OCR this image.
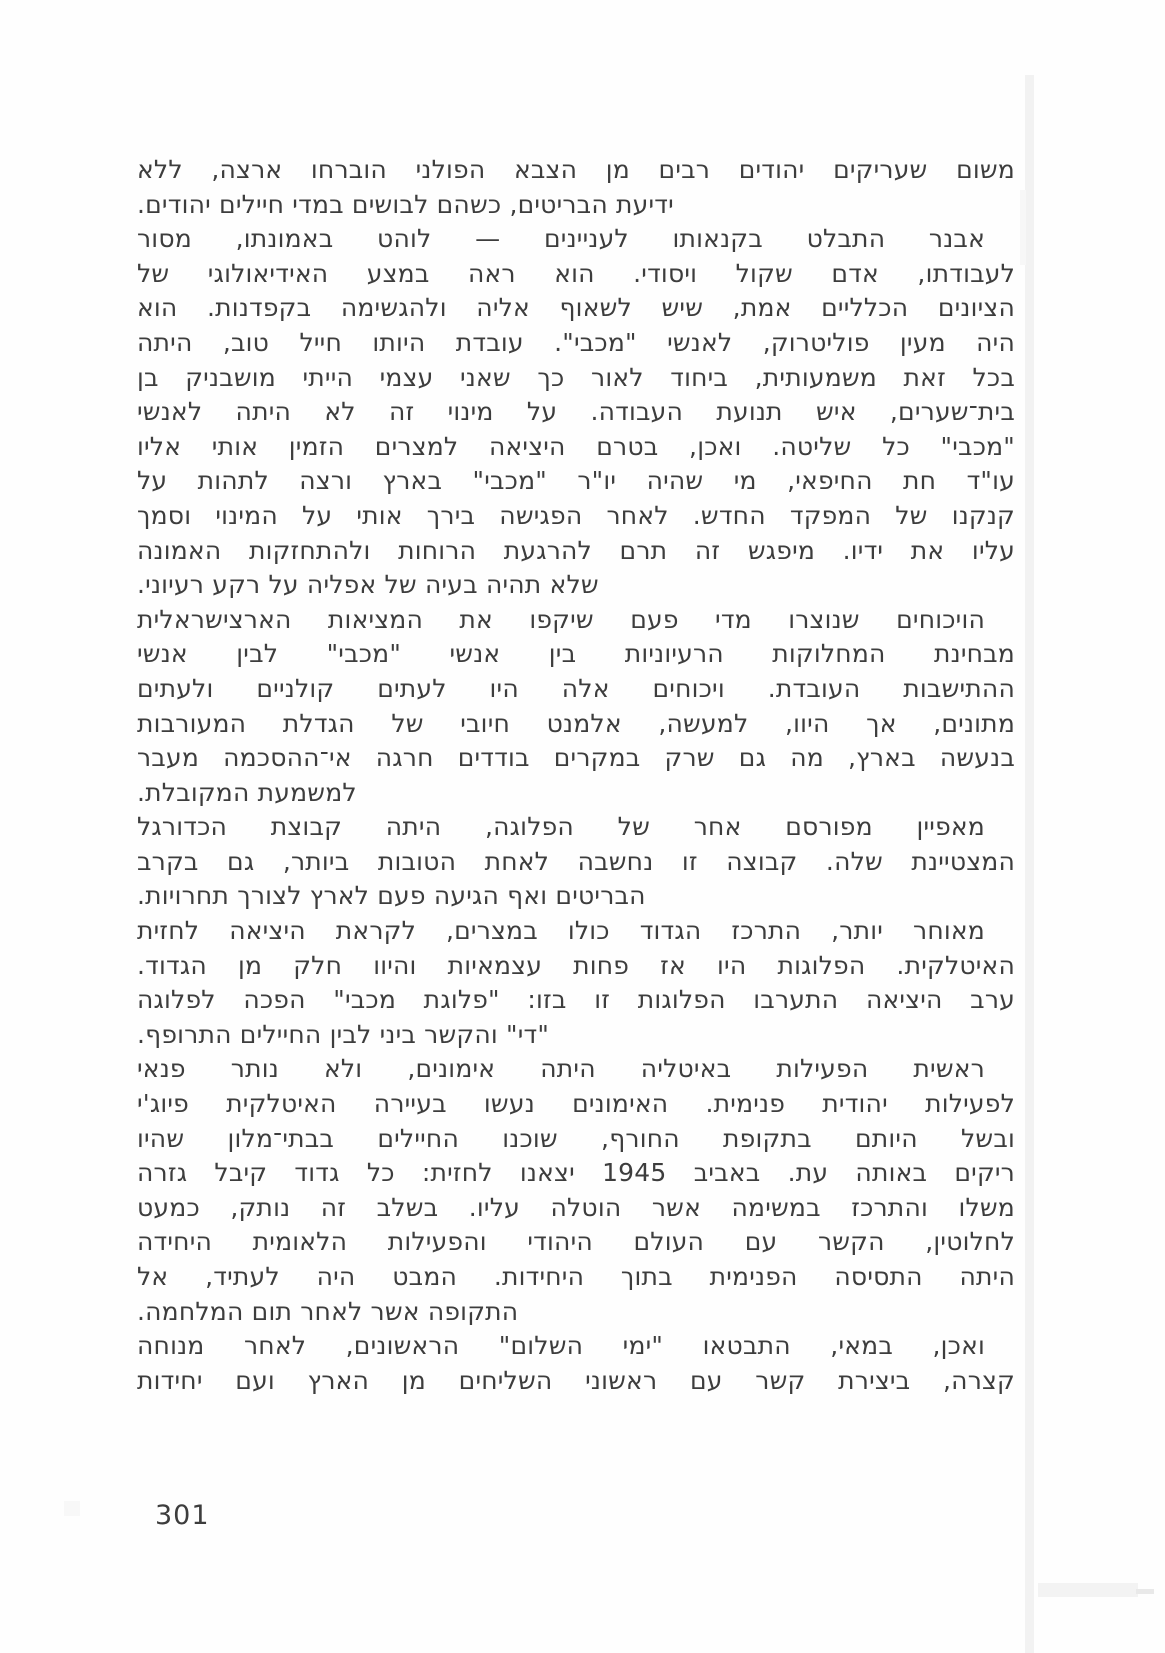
משום שעריקים יהודים רבים מן הצבא הפולני הוברחו ארצה, ללא
ידיעת הבריטים, כשהם לבושים במדי חיילים יהודים.
אבנר התבלט בקנאותו לעניינים — לוהט באמונתו, מסור
לעבודתו, אדם שקול ויסודי. הוא ראה במצע האידיאולוגי של
הציונים הכלליים אמת, שיש לשאוף אליה ולהגשימה בקפדנות. הוא
היה מעין פוליטרוק, לאנשי "מכבי". עובדת היותו חייל טוב, היתה
בכל זאת משמעותית, ביחוד לאור כך שאני עצמי הייתי מושבניק בן
בית־שערים, איש תנועת העבודה. על מינוי זה לא היתה לאנשי
"מכבי" כל שליטה. ואכן, בטרם היציאה למצרים הזמין אותי אליו
עו"ד חת החיפאי, מי שהיה יו"ר "מכבי" בארץ ורצה לתהות על
קנקנו של המפקד החדש. לאחר הפגישה בירך אותי על המינוי וסמך
עליו את ידיו. מיפגש זה תרם להרגעת הרוחות ולהתחזקות האמונה
שלא תהיה בעיה של אפליה על רקע רעיוני.
הויכוחים שנוצרו מדי פעם שיקפו את המציאות הארצישראלית
מבחינת המחלוקות הרעיוניות בין אנשי "מכבי" לבין אנשי
ההתישבות העובדת. ויכוחים אלה היו לעתים קולניים ולעתים
מתונים, אך היוו, למעשה, אלמנט חיובי של הגדלת המעורבות
בנעשה בארץ, מה גם שרק במקרים בודדים חרגה אי־ההסכמה מעבר
למשמעת המקובלת.
מאפיין מפורסם אחר של הפלוגה, היתה קבוצת הכדורגל
המצטיינת שלה. קבוצה זו נחשבה לאחת הטובות ביותר, גם בקרב
הבריטים ואף הגיעה פעם לארץ לצורך תחרויות.
מאוחר יותר, התרכז הגדוד כולו במצרים, לקראת היציאה לחזית
האיטלקית. הפלוגות היו אז פחות עצמאיות והיוו חלק מן הגדוד.
ערב היציאה התערבו הפלוגות זו בזו: "פלוגת מכבי" הפכה לפלוגה
"די" והקשר ביני לבין החיילים התרופף.
ראשית הפעילות באיטליה היתה אימונים, ולא נותר פנאי
לפעילות יהודית פנימית. האימונים נעשו בעיירה האיטלקית פיוג'י
ובשל היותם בתקופת החורף, שוכנו החיילים בבתי־מלון שהיו
ריקים באותה עת. באביב 1945 יצאנו לחזית: כל גדוד קיבל גזרה
משלו והתרכז במשימה אשר הוטלה עליו. בשלב זה נותק, כמעט
לחלוטין, הקשר עם העולם היהודי והפעילות הלאומית היחידה
היתה התסיסה הפנימית בתוך היחידות. המבט היה לעתיד, אל
התקופה אשר לאחר תום המלחמה.
ואכן, במאי, התבטאו "ימי השלום" הראשונים, לאחר מנוחה
קצרה, ביצירת קשר עם ראשוני השליחים מן הארץ ועם יחידות
301
